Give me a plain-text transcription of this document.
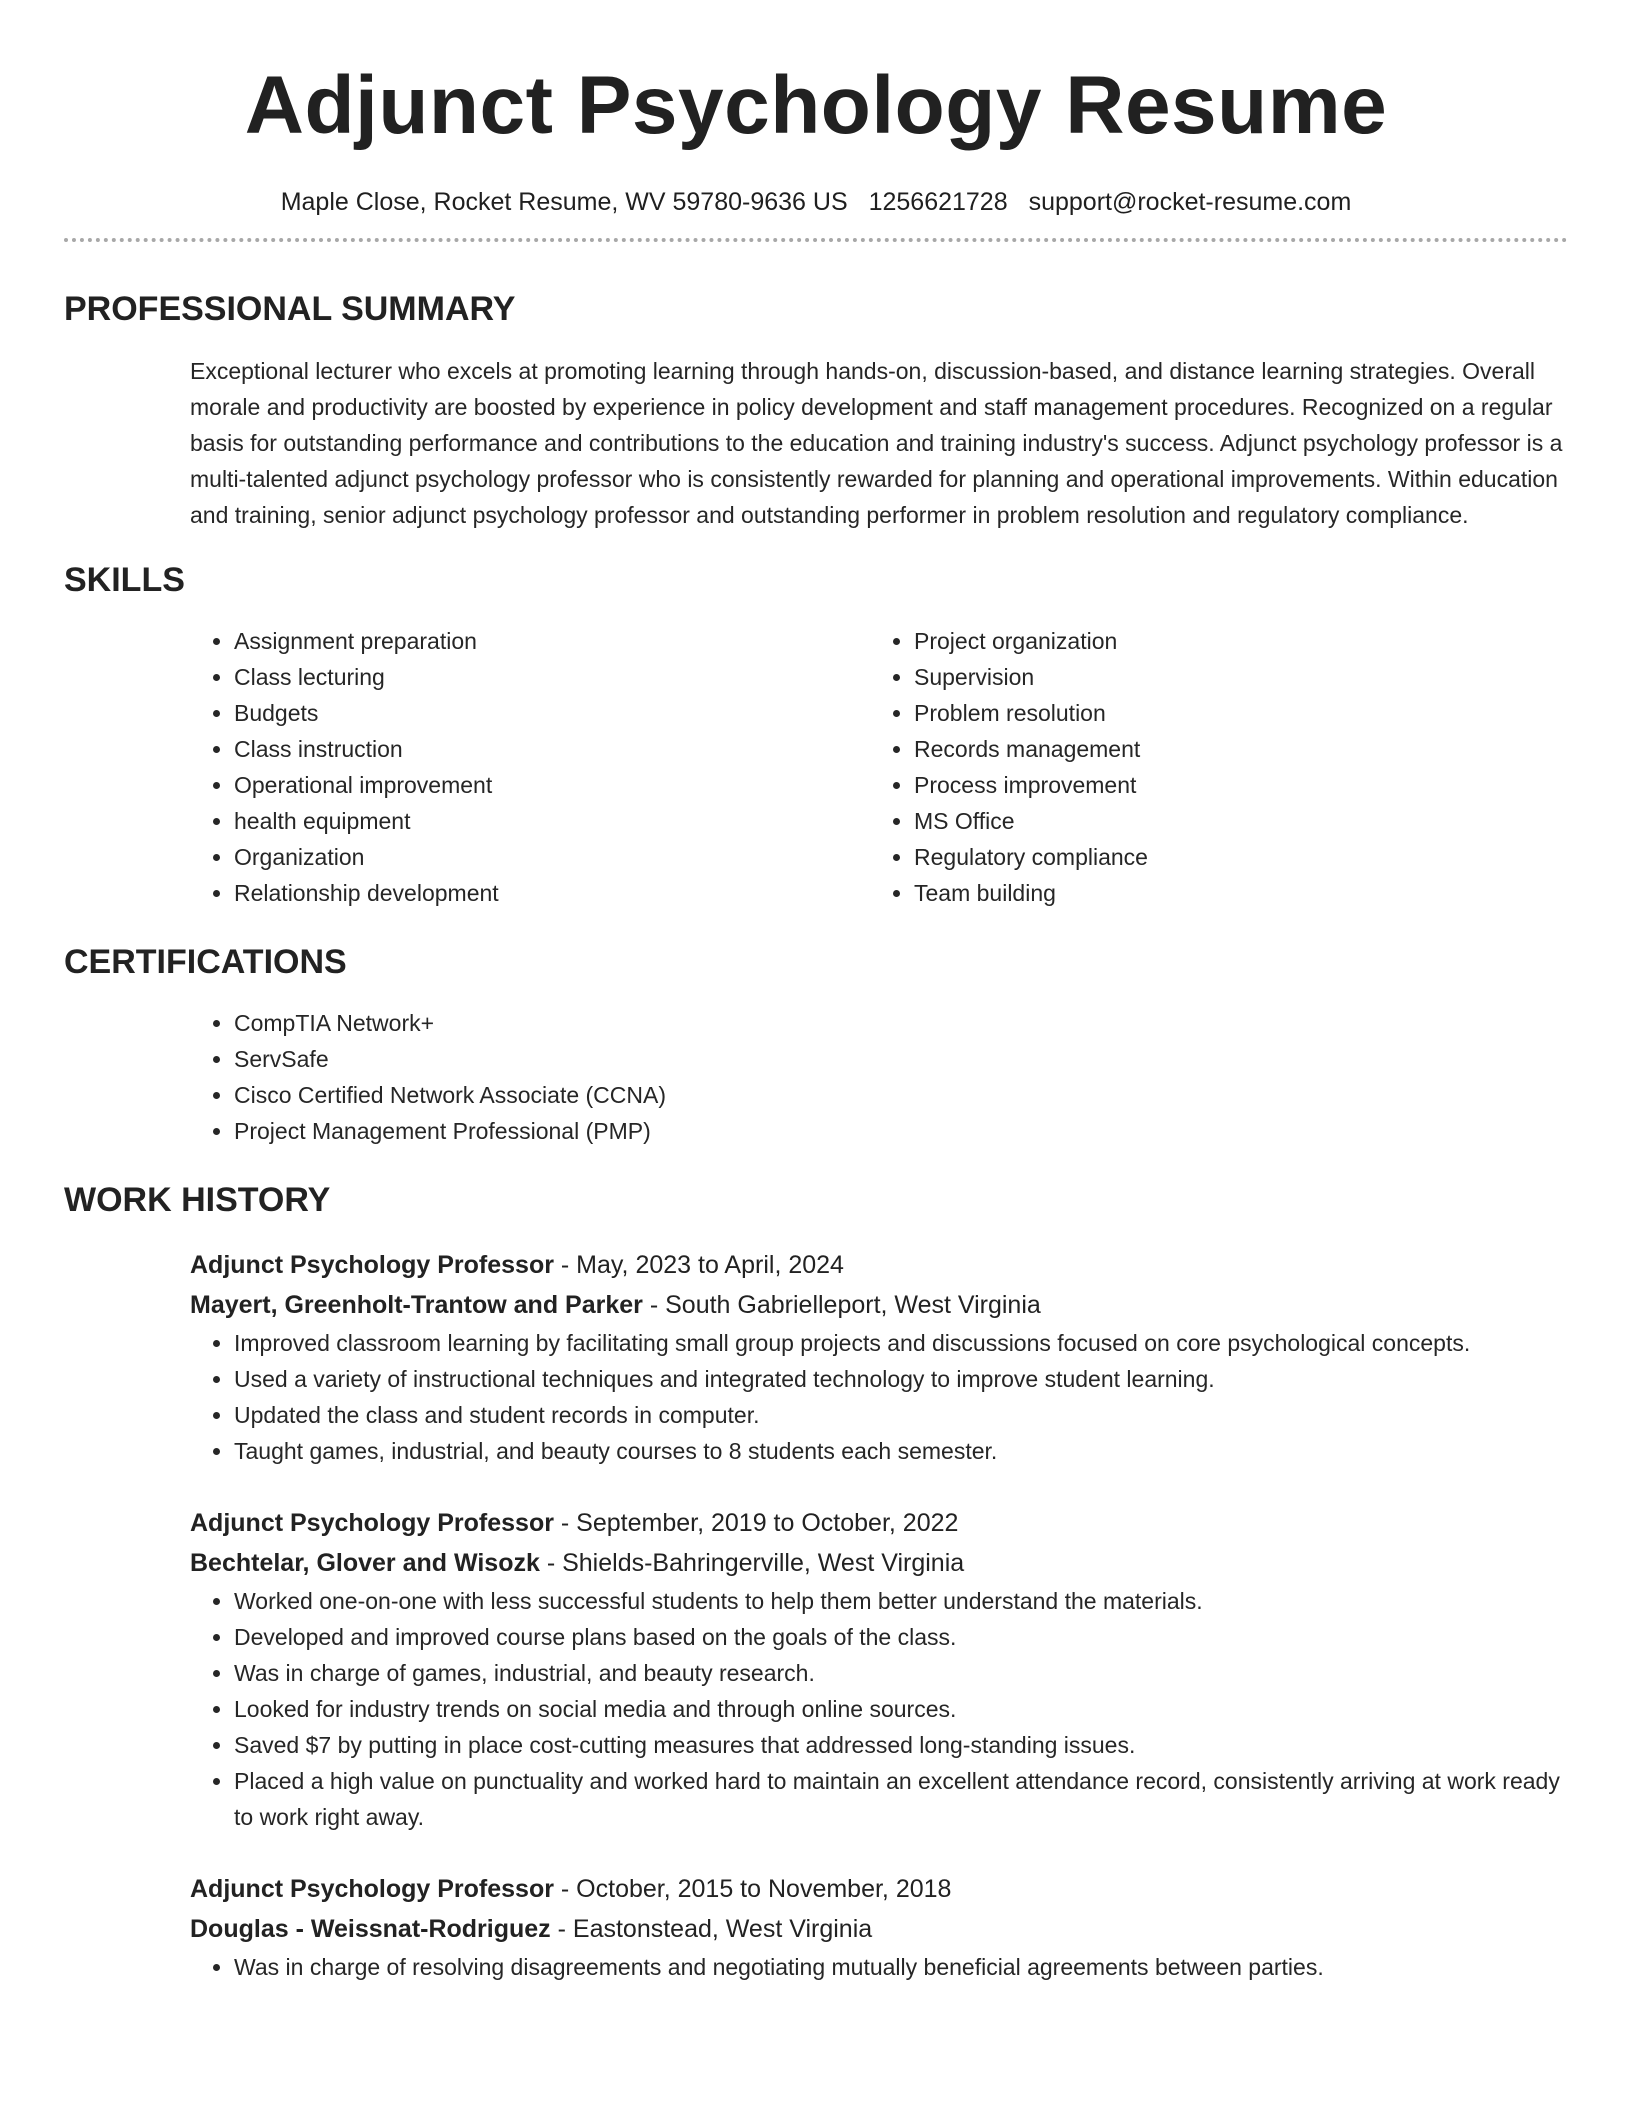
Adjunct Psychology Resume
Maple Close, Rocket Resume, WV 59780-9636 US 1256621728 support@rocket-resume.com
PROFESSIONAL SUMMARY

Exceptional lecturer who excels at promoting learning through hands-on, discussion-based, and distance learning strategies. Overall morale and productivity are boosted by experience in policy development and staff management procedures. Recognized on a regular basis for outstanding performance and contributions to the education and training industry's success. Adjunct psychology professor is a multi-talented adjunct psychology professor who is consistently rewarded for planning and operational improvements. Within education and training, senior adjunct psychology professor and outstanding performer in problem resolution and regulatory compliance.

SKILLS
• Assignment preparation
• Class lecturing
• Budgets
• Class instruction
• Operational improvement
• health equipment
• Organization
• Relationship development
• Project organization
• Supervision
• Problem resolution
• Records management
• Process improvement
• MS Office
• Regulatory compliance
• Team building
CERTIFICATIONS
• CompTIA Network+
• ServSafe
• Cisco Certified Network Associate (CCNA)
• Project Management Professional (PMP)
WORK HISTORY
Adjunct Psychology Professor - May, 2023 to April, 2024
Mayert, Greenholt-Trantow and Parker - South Gabrielleport, West Virginia
• Improved classroom learning by facilitating small group projects and discussions focused on core psychological concepts.
• Used a variety of instructional techniques and integrated technology to improve student learning.
• Updated the class and student records in computer.
• Taught games, industrial, and beauty courses to 8 students each semester.
Adjunct Psychology Professor - September, 2019 to October, 2022
Bechtelar, Glover and Wisozk - Shields-Bahringerville, West Virginia
• Worked one-on-one with less successful students to help them better understand the materials.
• Developed and improved course plans based on the goals of the class.
• Was in charge of games, industrial, and beauty research.
• Looked for industry trends on social media and through online sources.
• Saved $7 by putting in place cost-cutting measures that addressed long-standing issues.
• Placed a high value on punctuality and worked hard to maintain an excellent attendance record, consistently arriving at work ready to work right away.
Adjunct Psychology Professor - October, 2015 to November, 2018
Douglas - Weissnat-Rodriguez - Eastonstead, West Virginia
• Was in charge of resolving disagreements and negotiating mutually beneficial agreements between parties.
